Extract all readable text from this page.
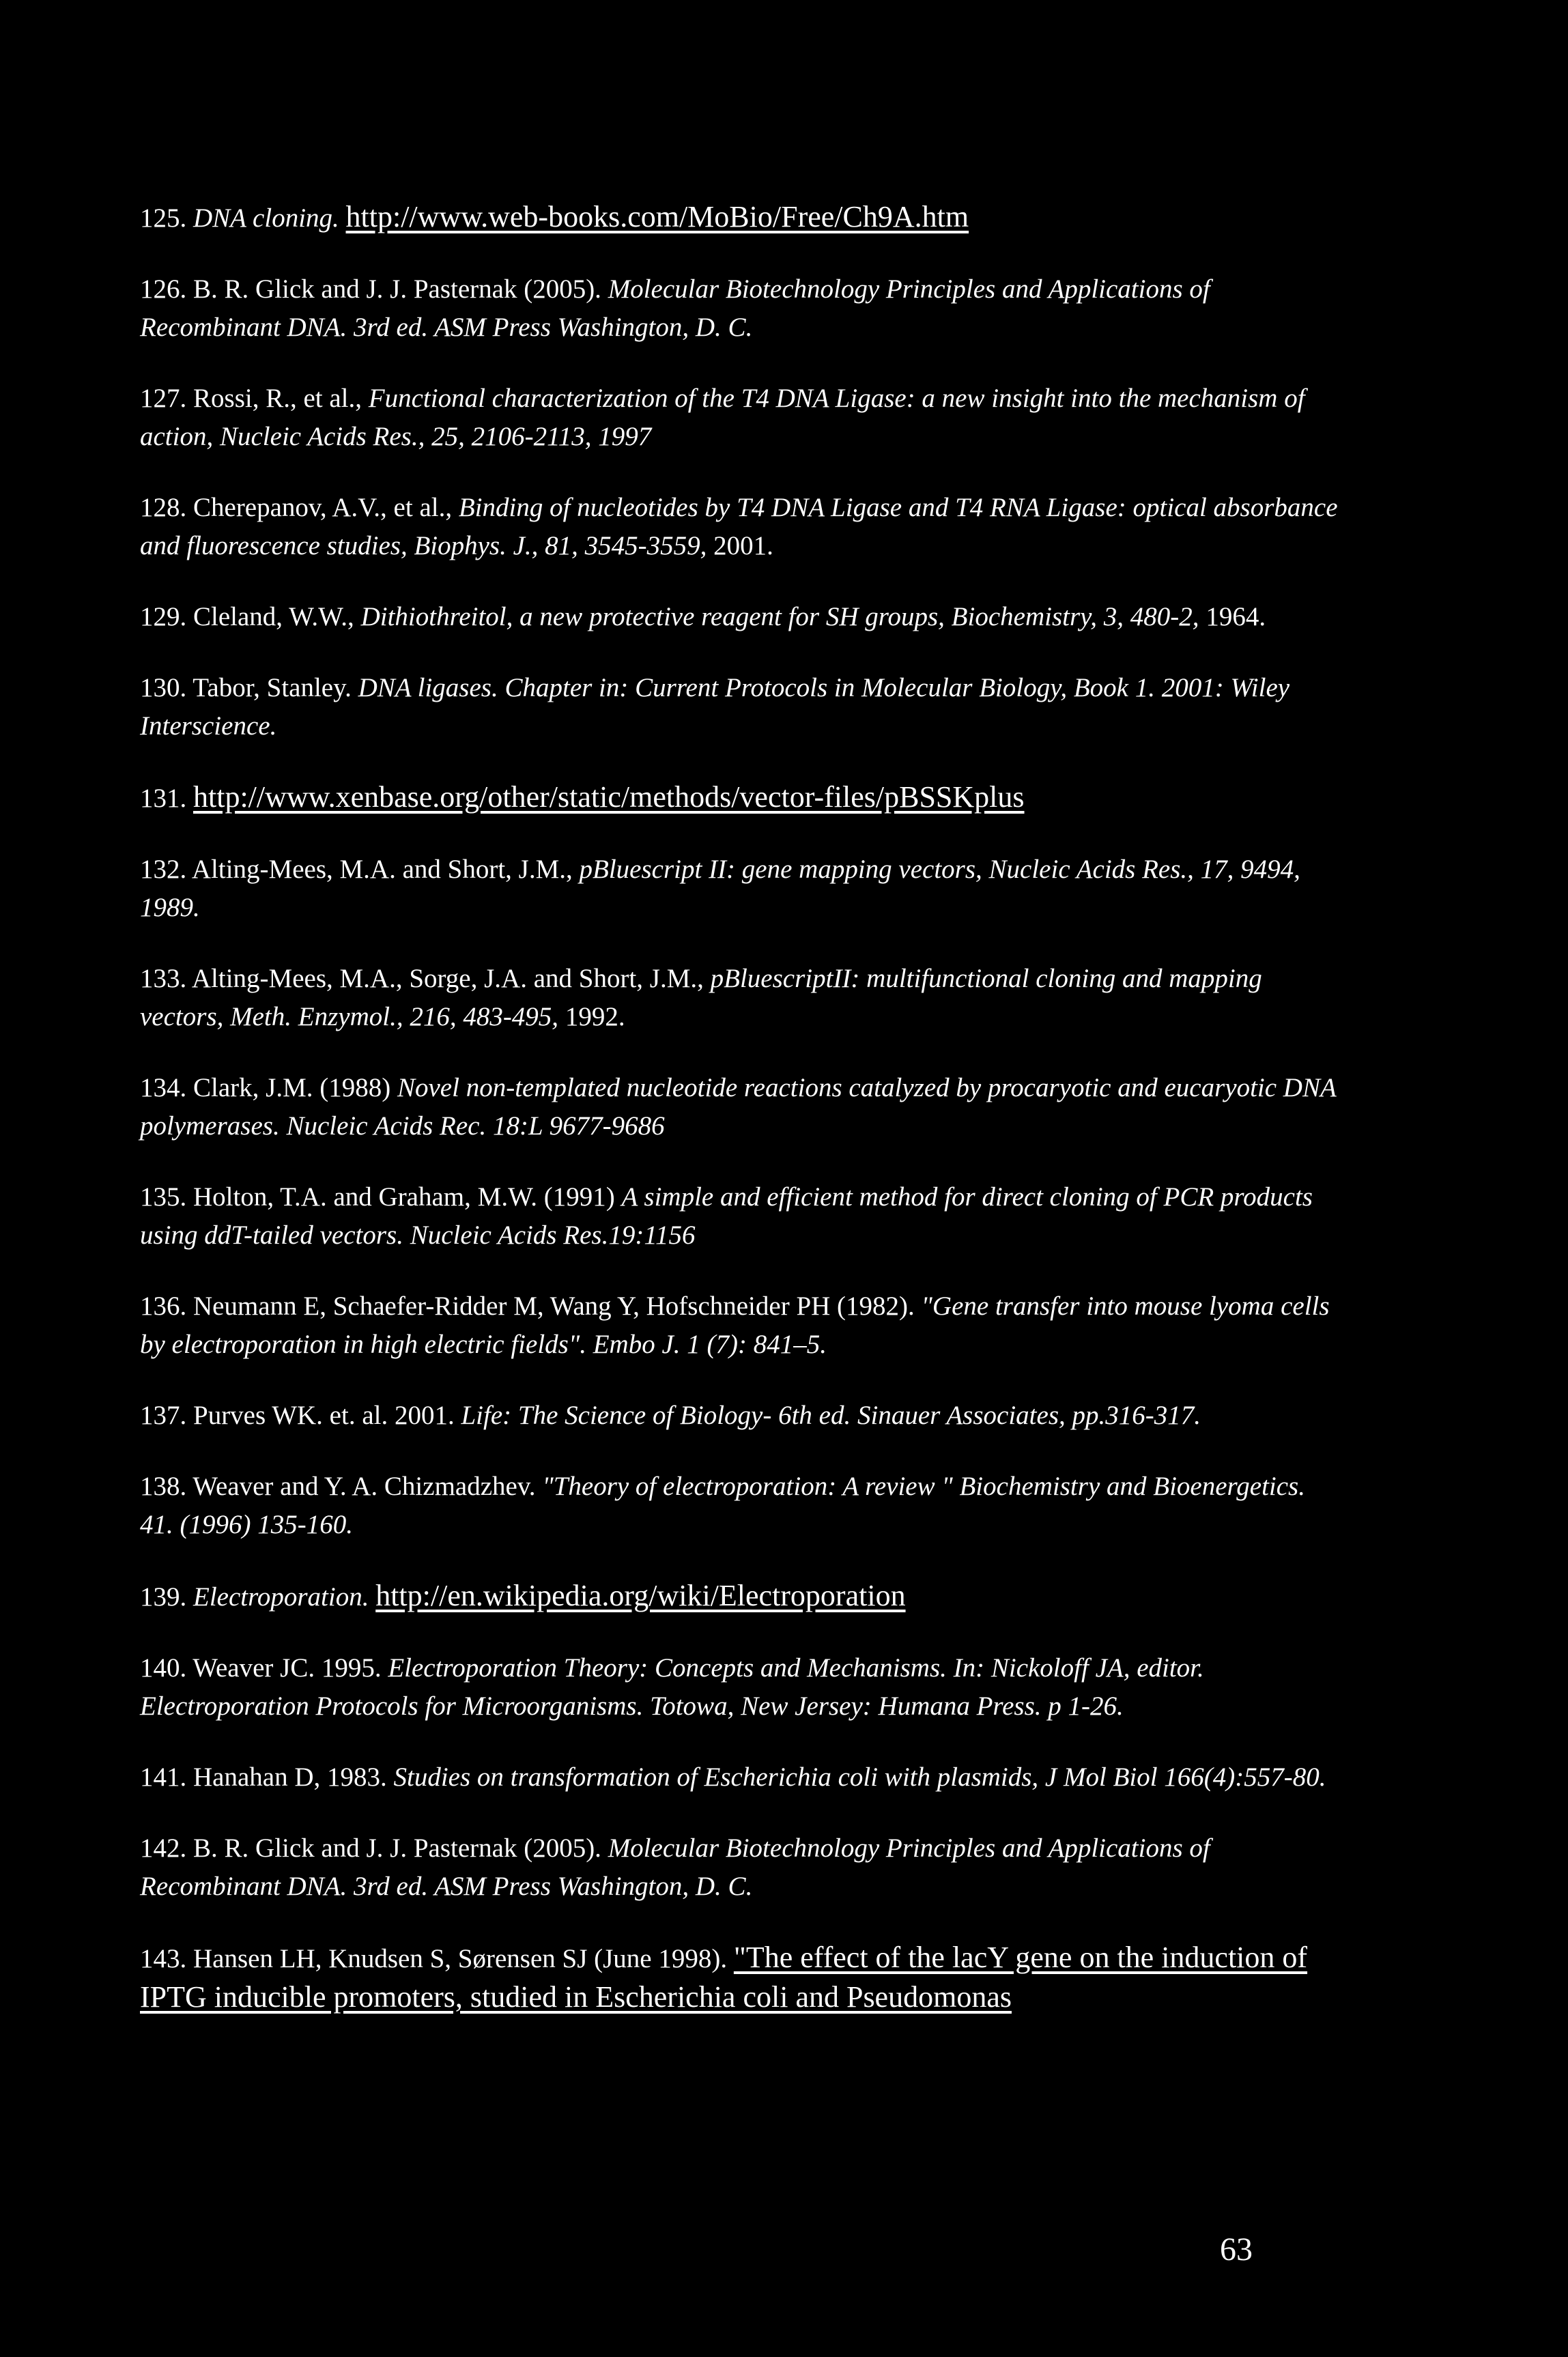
125. DNA cloning. http://www.web-books.com/MoBio/Free/Ch9A.htm

126. B. R. Glick and J. J. Pasternak (2005). Molecular Biotechnology Principles and Applications of Recombinant DNA. 3rd ed. ASM Press Washington, D. C.

127. Rossi, R., et al., Functional characterization of the T4 DNA Ligase: a new insight into the mechanism of action, Nucleic Acids Res., 25, 2106-2113, 1997

128. Cherepanov, A.V., et al., Binding of nucleotides by T4 DNA Ligase and T4 RNA Ligase: optical absorbance and fluorescence studies, Biophys. J., 81, 3545-3559, 2001.

129. Cleland, W.W., Dithiothreitol, a new protective reagent for SH groups, Biochemistry, 3, 480-2, 1964.

130. Tabor, Stanley. DNA ligases. Chapter in: Current Protocols in Molecular Biology, Book 1. 2001: Wiley Interscience.

131. http://www.xenbase.org/other/static/methods/vector-files/pBSSKplus

132. Alting-Mees, M.A. and Short, J.M., pBluescript II: gene mapping vectors, Nucleic Acids Res., 17, 9494, 1989.

133. Alting-Mees, M.A., Sorge, J.A. and Short, J.M., pBluescriptII: multifunctional cloning and mapping vectors, Meth. Enzymol., 216, 483-495, 1992.

134. Clark, J.M. (1988) Novel non-templated nucleotide reactions catalyzed by procaryotic and eucaryotic DNA polymerases. Nucleic Acids Rec. 18:L 9677-9686

135. Holton, T.A. and Graham, M.W. (1991) A simple and efficient method for direct cloning of PCR products using ddT-tailed vectors. Nucleic Acids Res.19:1156

136. Neumann E, Schaefer-Ridder M, Wang Y, Hofschneider PH (1982). "Gene transfer into mouse lyoma cells by electroporation in high electric fields". Embo J. 1 (7): 841–5.

137. Purves WK. et. al. 2001. Life: The Science of Biology- 6th ed. Sinauer Associates, pp.316-317.

138. Weaver and Y. A. Chizmadzhev. "Theory of electroporation: A review " Biochemistry and Bioenergetics. 41. (1996) 135-160.

139. Electroporation. http://en.wikipedia.org/wiki/Electroporation

140. Weaver JC. 1995. Electroporation Theory: Concepts and Mechanisms. In: Nickoloff JA, editor. Electroporation Protocols for Microorganisms. Totowa, New Jersey: Humana Press. p 1-26.

141. Hanahan D, 1983. Studies on transformation of Escherichia coli with plasmids, J Mol Biol 166(4):557-80.

142. B. R. Glick and J. J. Pasternak (2005). Molecular Biotechnology Principles and Applications of Recombinant DNA. 3rd ed. ASM Press Washington, D. C.

143. Hansen LH, Knudsen S, Sørensen SJ (June 1998). "The effect of the lacY gene on the induction of IPTG inducible promoters, studied in Escherichia coli and Pseudomonas

63
